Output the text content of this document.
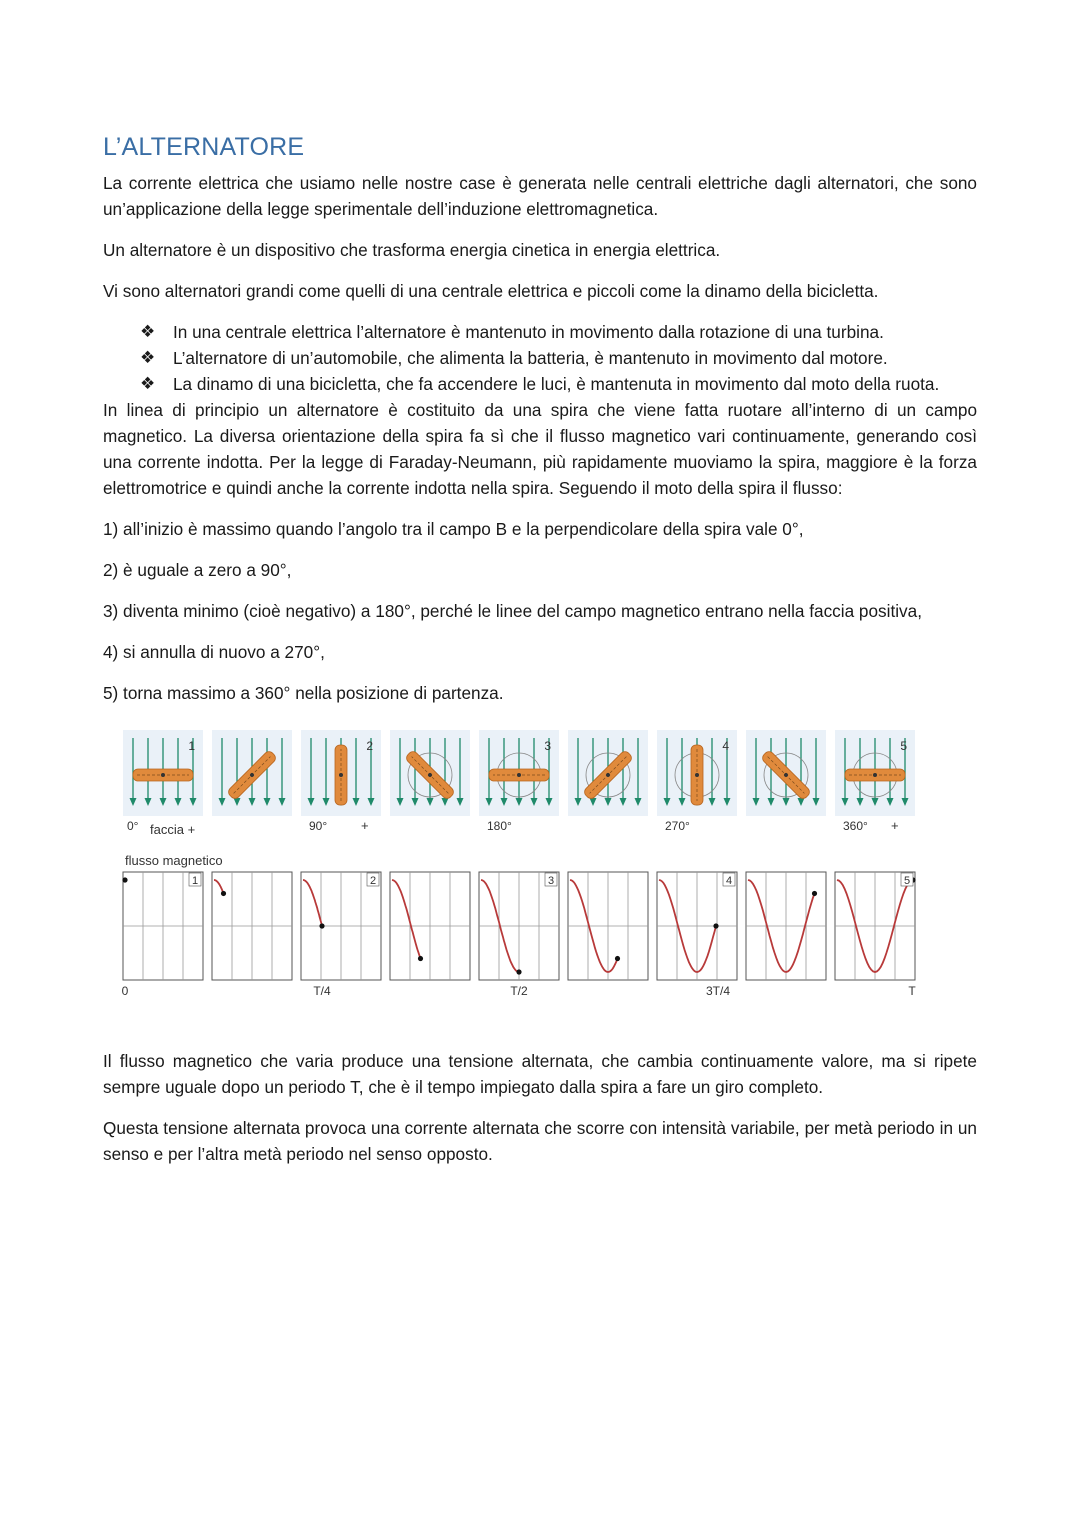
L’ALTERNATORE

La corrente elettrica che usiamo nelle nostre case è generata nelle centrali elettriche dagli alternatori, che sono un’applicazione della legge sperimentale dell’induzione elettromagnetica.

Un alternatore è un dispositivo che trasforma energia cinetica in energia elettrica.

Vi sono alternatori grandi come quelli di una centrale elettrica e piccoli come la dinamo della bicicletta.

❖ In una centrale elettrica l’alternatore è mantenuto in movimento dalla rotazione di una turbina.
❖ L’alternatore di un’automobile, che alimenta la batteria, è mantenuto in movimento dal motore.
❖ La dinamo di una bicicletta, che fa accendere le luci, è mantenuta in movimento dal moto della ruota.

In linea di principio un alternatore è costituito da una spira che viene fatta ruotare all’interno di un campo magnetico. La diversa orientazione della spira fa sì che il flusso magnetico vari continuamente, generando così una corrente indotta. Per la legge di Faraday-Neumann, più rapidamente muoviamo la spira, maggiore è la forza elettromotrice e quindi anche la corrente indotta nella spira. Seguendo il moto della spira il flusso:

1) all’inizio è massimo quando l’angolo tra il campo B e la perpendicolare della spira vale 0°,

2) è uguale a zero a 90°,

3) diventa minimo (cioè negativo) a 180°, perché le linee del campo magnetico entrano nella faccia positiva,

4) si annulla di nuovo a 270°,

5) torna massimo a 360° nella posizione di partenza.

1	2	3	4	5
0°	90°	180°	270°	360°
faccia +	+	+
flusso magnetico
1	2	3	4	5
0	T/4	T/2	3T/4	T

Il flusso magnetico che varia produce una tensione alternata, che cambia continuamente valore, ma si ripete sempre uguale dopo un periodo T, che è il tempo impiegato dalla spira a fare un giro completo.

Questa tensione alternata provoca una corrente alternata che scorre con intensità variabile, per metà periodo in un senso e per l’altra metà periodo nel senso opposto.
